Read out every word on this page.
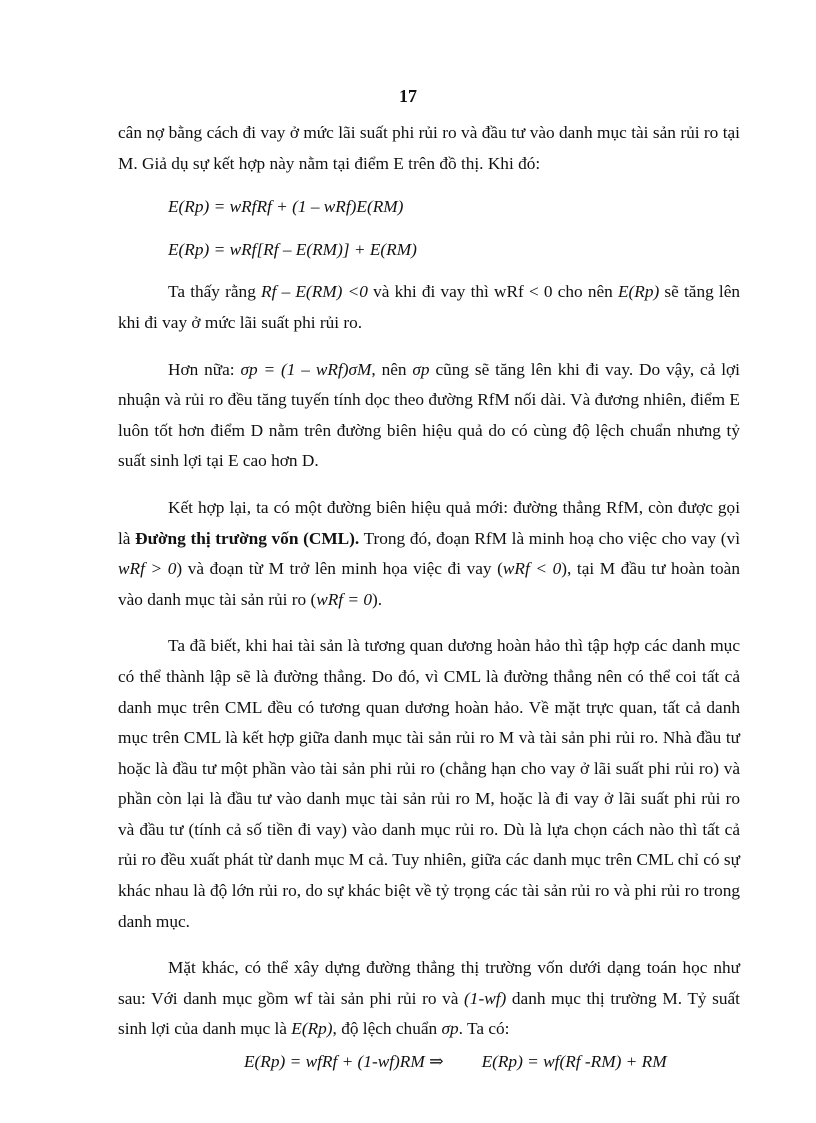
17

cân nợ bằng cách đi vay ở mức lãi suất phi rủi ro và đầu tư vào danh mục tài sản rủi ro tại M. Giả dụ sự kết hợp này nằm tại điểm E trên đồ thị. Khi đó:

E(Rp) = wRfRf + (1 – wRf)E(RM)

E(Rp) = wRf[Rf – E(RM)] + E(RM)

Ta thấy rằng Rf – E(RM) <0 và khi đi vay thì wRf < 0 cho nên E(Rp) sẽ tăng lên khi đi vay ở mức lãi suất phi rủi ro.

Hơn nữa: σp = (1 – wRf)σM, nên σp cũng sẽ tăng lên khi đi vay. Do vậy, cả lợi nhuận và rủi ro đều tăng tuyến tính dọc theo đường RfM nối dài. Và đương nhiên, điểm E luôn tốt hơn điểm D nằm trên đường biên hiệu quả do có cùng độ lệch chuẩn nhưng tỷ suất sinh lợi tại E cao hơn D.

Kết hợp lại, ta có một đường biên hiệu quả mới: đường thẳng RfM, còn được gọi là Đường thị trường vốn (CML). Trong đó, đoạn RfM là minh hoạ cho việc cho vay (vì wRf > 0) và đoạn từ M trở lên minh họa việc đi vay (wRf < 0), tại M đầu tư hoàn toàn vào danh mục tài sản rủi ro (wRf = 0).

Ta đã biết, khi hai tài sản là tương quan dương hoàn hảo thì tập hợp các danh mục có thể thành lập sẽ là đường thẳng. Do đó, vì CML là đường thẳng nên có thể coi tất cả danh mục trên CML đều có tương quan dương hoàn hảo. Về mặt trực quan, tất cả danh mục trên CML là kết hợp giữa danh mục tài sản rủi ro M và tài sản phi rủi ro. Nhà đầu tư hoặc là đầu tư một phần vào tài sản phi rủi ro (chẳng hạn cho vay ở lãi suất phi rủi ro) và phần còn lại là đầu tư vào danh mục tài sản rủi ro M, hoặc là đi vay ở lãi suất phi rủi ro và đầu tư (tính cả số tiền đi vay) vào danh mục rủi ro. Dù là lựa chọn cách nào thì tất cả rủi ro đều xuất phát từ danh mục M cả. Tuy nhiên, giữa các danh mục trên CML chỉ có sự khác nhau là độ lớn rủi ro, do sự khác biệt về tỷ trọng các tài sản rủi ro và phi rủi ro trong danh mục.

Mặt khác, có thể xây dựng đường thẳng thị trường vốn dưới dạng toán học như sau: Với danh mục gồm wf tài sản phi rủi ro và (1-wf) danh mục thị trường M. Tỷ suất sinh lợi của danh mục là E(Rp), độ lệch chuẩn σp. Ta có:

E(Rp) = wfRf + (1-wf)RM ⇒ E(Rp) = wf(Rf -RM) + RM
